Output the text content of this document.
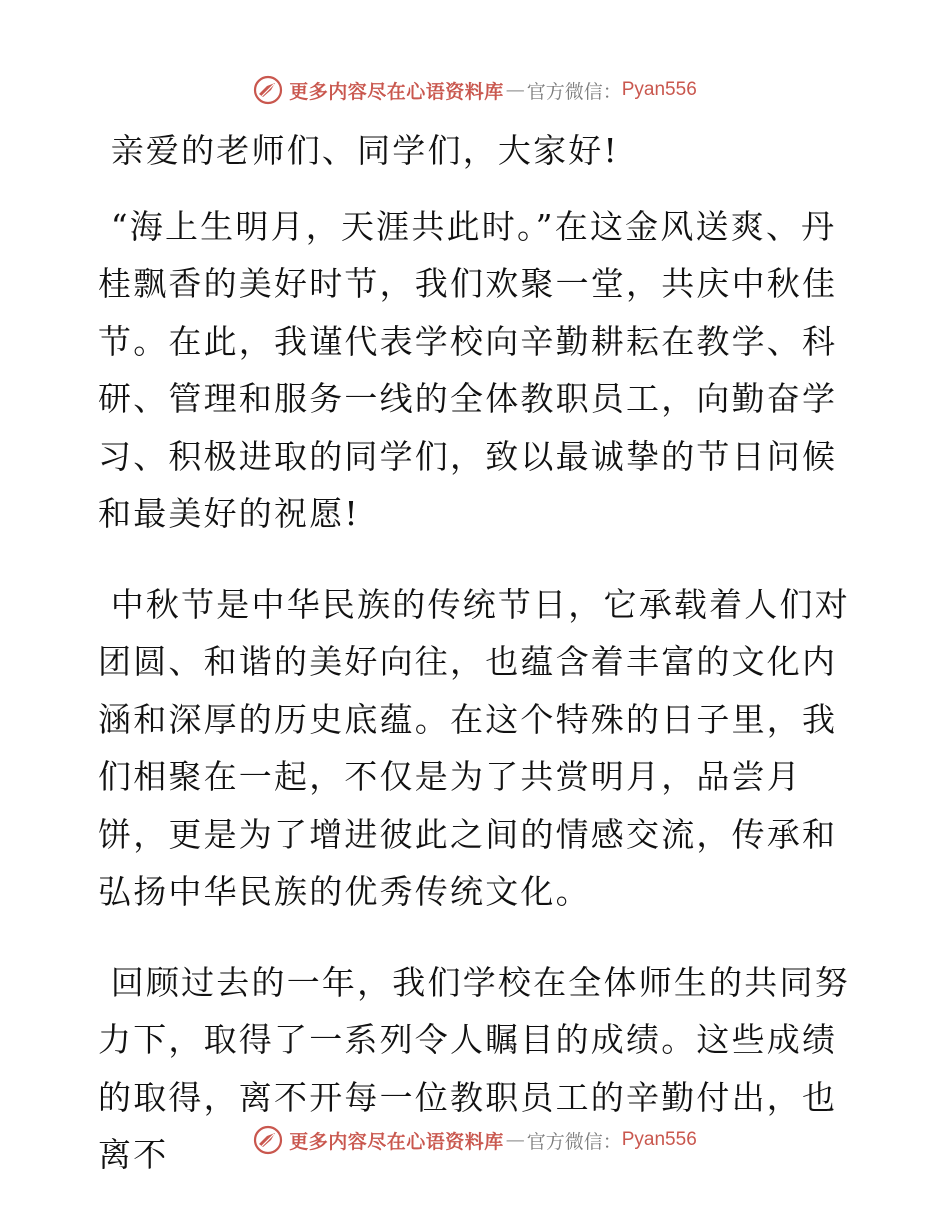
更多内容尽在心语资料库 — 官方微信： Pyan556

亲爱的老师们、同学们，大家好!

“海上生明月，天涯共此时。”在这金风送爽、丹桂飘香的美好时节，我们欢聚一堂，共庆中秋佳节。在此，我谨代表学校向辛勤耕耘在教学、科研、管理和服务一线的全体教职员工，向勤奋学习、积极进取的同学们，致以最诚挚的节日问候和最美好的祝愿!

中秋节是中华民族的传统节日，它承载着人们对团圆、和谐的美好向往，也蕴含着丰富的文化内涵和深厚的历史底蕴。在这个特殊的日子里，我们相聚在一起，不仅是为了共赏明月，品尝月饼，更是为了增进彼此之间的情感交流，传承和弘扬中华民族的优秀传统文化。

回顾过去的一年，我们学校在全体师生的共同努力下，取得了一系列令人瞩目的成绩。这些成绩的取得，离不开每一位教职员工的辛勤付出，也离不	更多内容尽在心语资料库 — 官方微信： Pyan556
